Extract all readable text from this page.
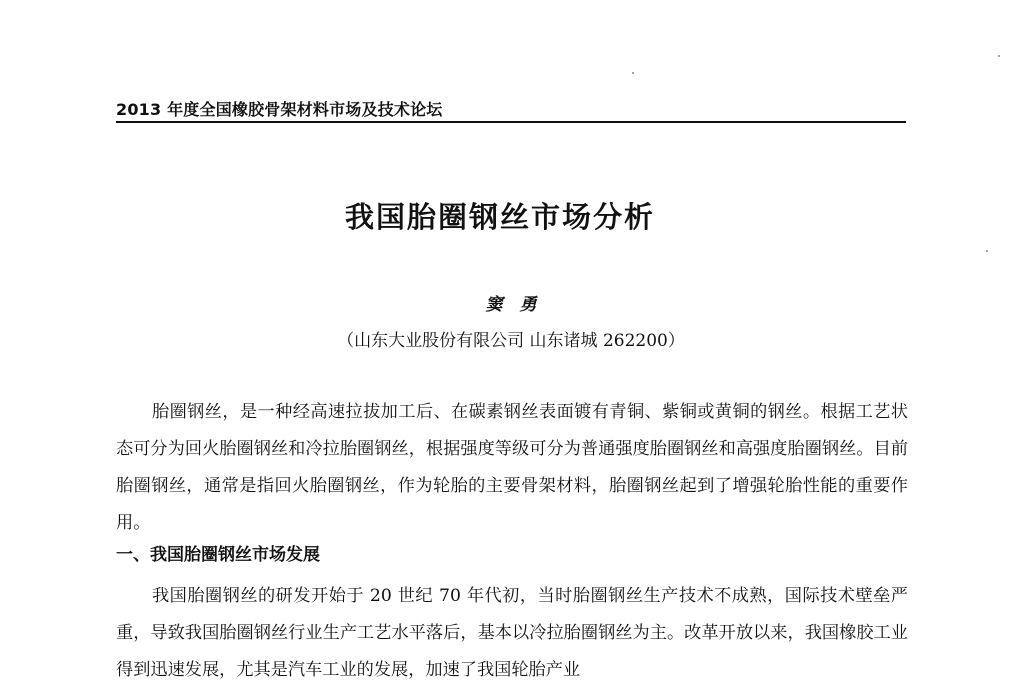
2013 年度全国橡胶骨架材料市场及技术论坛
我国胎圈钢丝市场分析
窦　勇
（山东大业股份有限公司 山东诸城 262200）
胎圈钢丝，是一种经高速拉拔加工后、在碳素钢丝表面镀有青铜、紫铜或黄铜的钢丝。根据工艺状态可分为回火胎圈钢丝和冷拉胎圈钢丝，根据强度等级可分为普通强度胎圈钢丝和高强度胎圈钢丝。目前胎圈钢丝，通常是指回火胎圈钢丝，作为轮胎的主要骨架材料，胎圈钢丝起到了增强轮胎性能的重要作用。
一、我国胎圈钢丝市场发展
我国胎圈钢丝的研发开始于 20 世纪 70 年代初，当时胎圈钢丝生产技术不成熟，国际技术壁垒严重，导致我国胎圈钢丝行业生产工艺水平落后，基本以冷拉胎圈钢丝为主。改革开放以来，我国橡胶工业得到迅速发展，尤其是汽车工业的发展，加速了我国轮胎产业
